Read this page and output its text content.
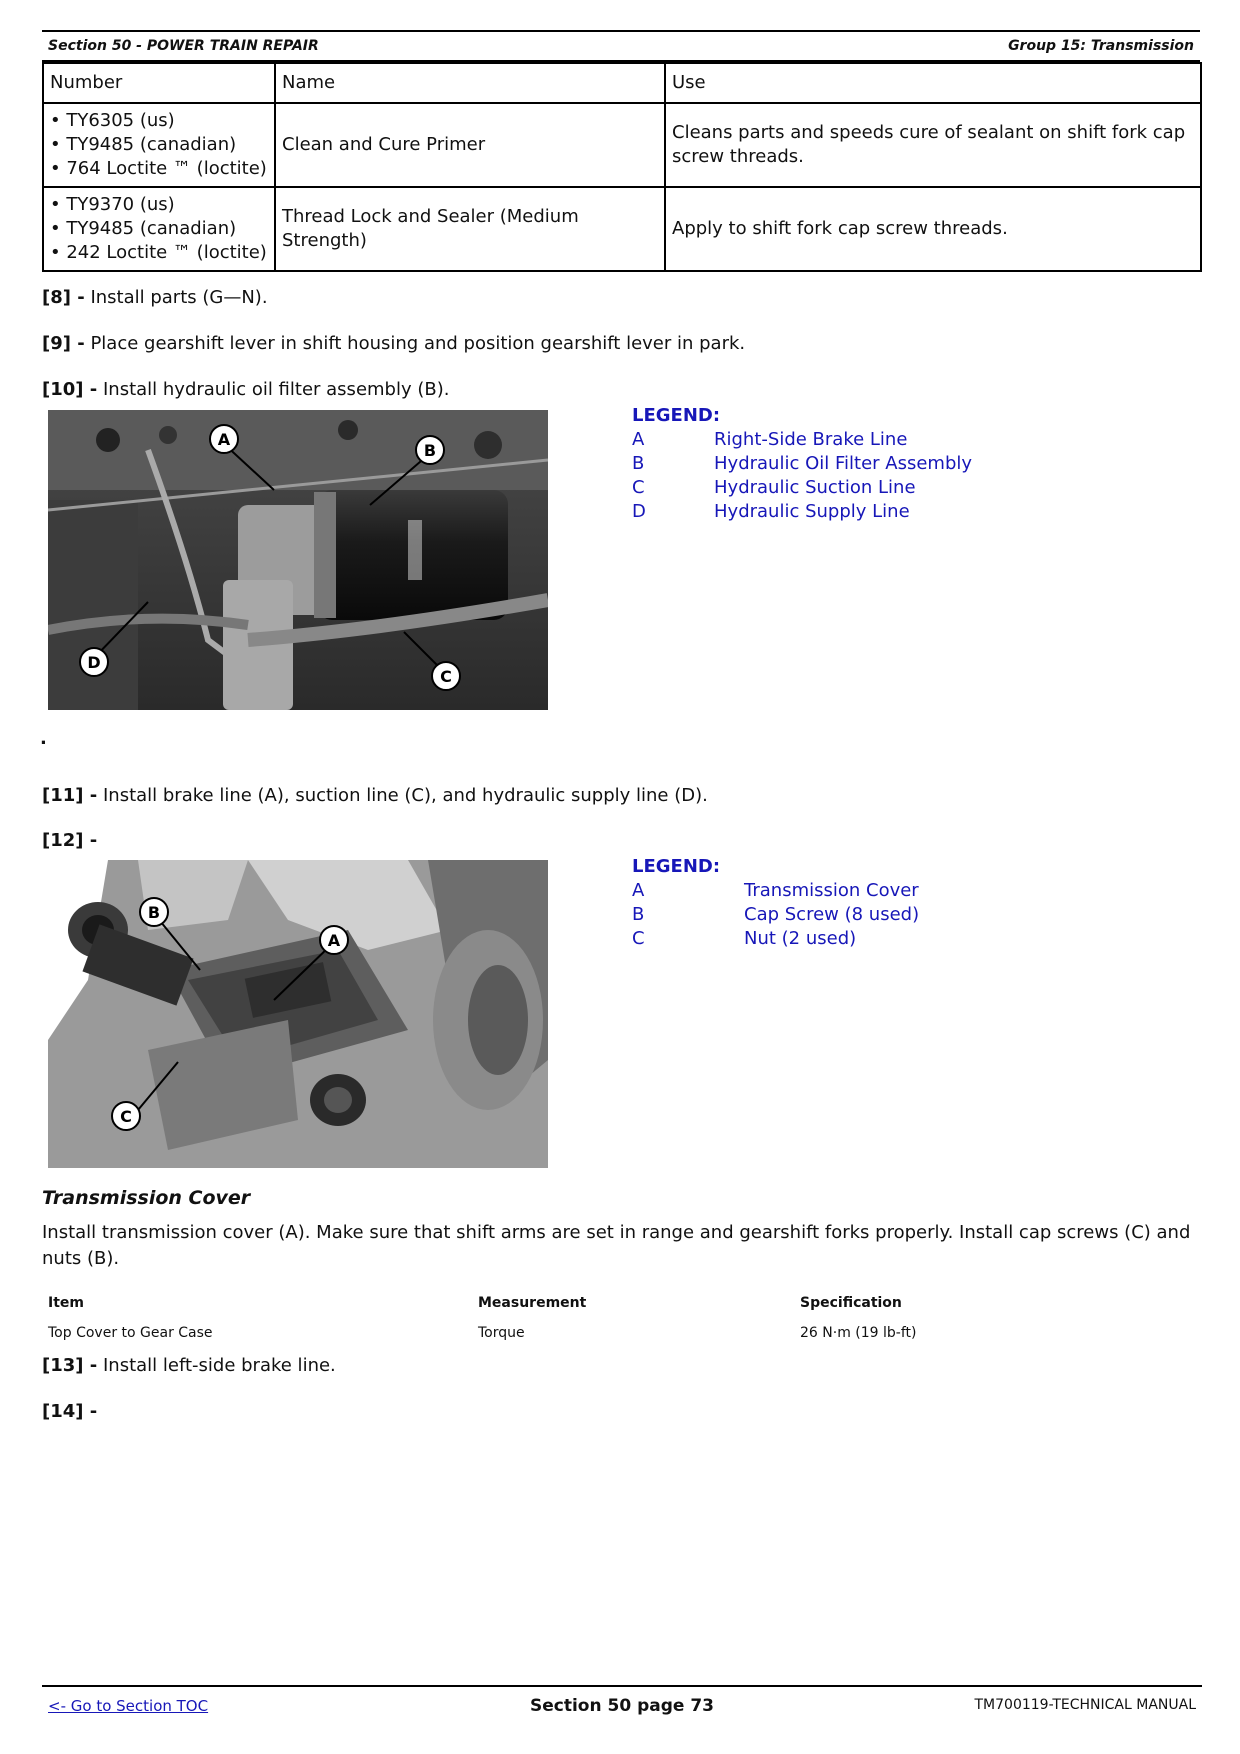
Section 50 - POWER TRAIN REPAIR	Group 15: Transmission
Number	Name	Use

• TY6305 (us)
• TY9485 (canadian)
• 764 Loctite ™ (loctite)	Clean and Cure Primer	Cleans parts and speeds cure of sealant on shift fork cap screw threads.

• TY9370 (us)
• TY9485 (canadian)
• 242 Loctite ™ (loctite)	Thread Lock and Sealer (Medium Strength)	Apply to shift fork cap screw threads.
[8] - Install parts (G—N).
[9] - Place gearshift lever in shift housing and position gearshift lever in park.
[10] - Install hydraulic oil filter assembly (B).
A
B
C
D
LEGEND:
A	Right-Side Brake Line
B	Hydraulic Oil Filter Assembly
C	Hydraulic Suction Line
D	Hydraulic Supply Line
.
[11] - Install brake line (A), suction line (C), and hydraulic supply line (D).
[12] -
A
B
C
LEGEND:
A	Transmission Cover
B	Cap Screw (8 used)
C	Nut (2 used)
Transmission Cover
Install transmission cover (A). Make sure that shift arms are set in range and gearshift forks properly. Install cap screws (C) and nuts (B).
Item	Measurement	Specification
Top Cover to Gear Case	Torque	26 N·m (19 lb-ft)
[13] - Install left-side brake line.
[14] -
<- Go to Section TOC	Section 50 page 73	TM700119-TECHNICAL MANUAL
